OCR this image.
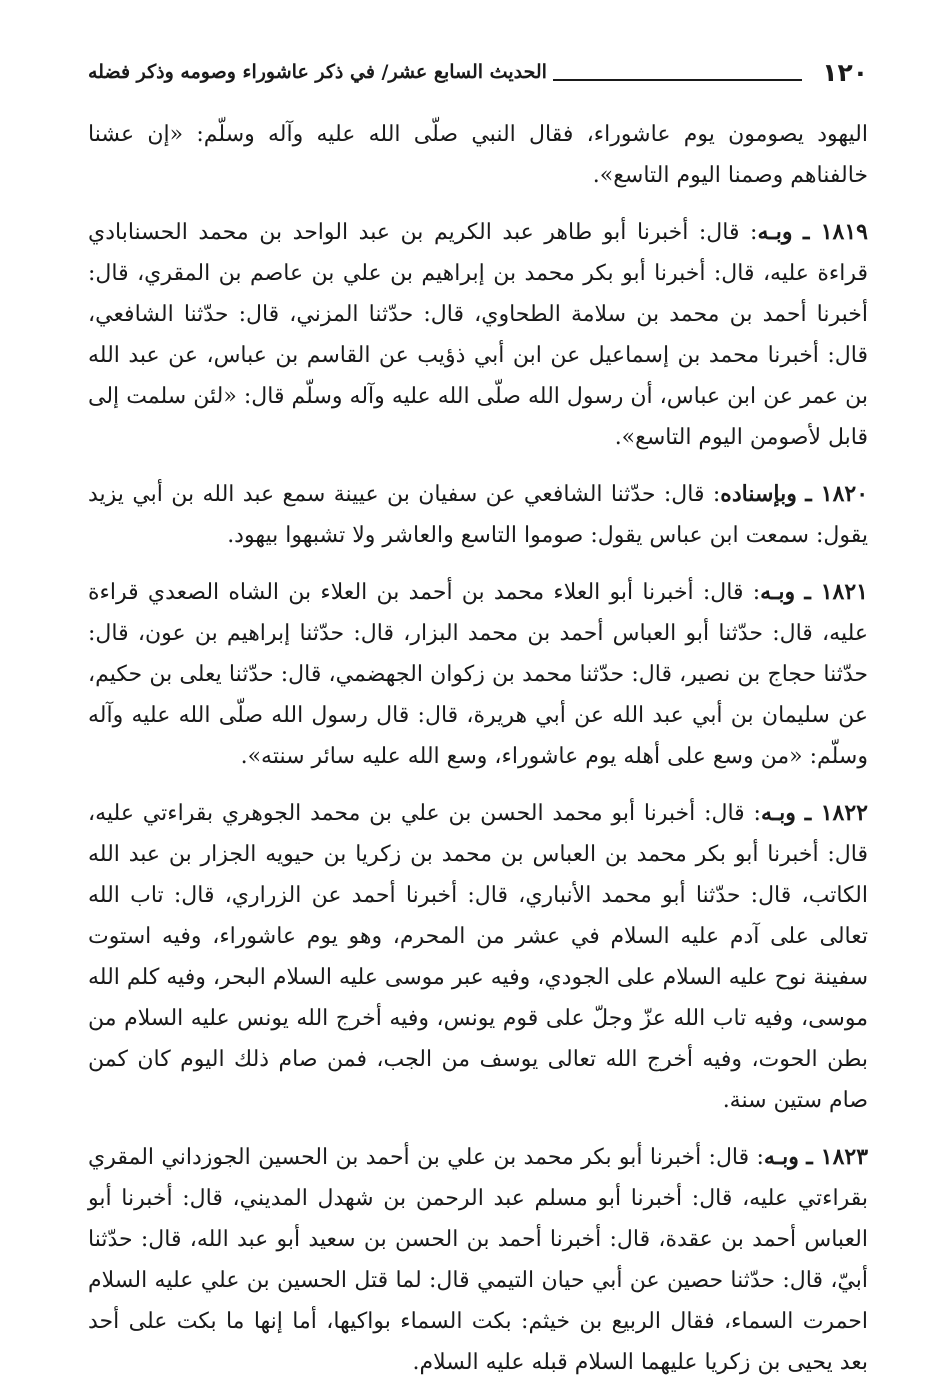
١٢٠
الحديث السابع عشر/ في ذكر عاشوراء وصومه وذكر فضله

اليهود يصومون يوم عاشوراء، فقال النبي صلّى الله عليه وآله وسلّم: «إن عشنا خالفناهم وصمنا اليوم التاسع».

١٨١٩ ـ وبـه: قال: أخبرنا أبو طاهر عبد الكريم بن عبد الواحد بن محمد الحسنابادي قراءة عليه، قال: أخبرنا أبو بكر محمد بن إبراهيم بن علي بن عاصم بن المقري، قال: أخبرنا أحمد بن محمد بن سلامة الطحاوي، قال: حدّثنا المزني، قال: حدّثنا الشافعي، قال: أخبرنا محمد بن إسماعيل عن ابن أبي ذؤيب عن القاسم بن عباس، عن عبد الله بن عمر عن ابن عباس، أن رسول الله صلّى الله عليه وآله وسلّم قال: «لئن سلمت إلى قابل لأصومن اليوم التاسع».

١٨٢٠ ـ وبإسناده: قال: حدّثنا الشافعي عن سفيان بن عيينة سمع عبد الله بن أبي يزيد يقول: سمعت ابن عباس يقول: صوموا التاسع والعاشر ولا تشبهوا بيهود.

١٨٢١ ـ وبـه: قال: أخبرنا أبو العلاء محمد بن أحمد بن العلاء بن الشاه الصعدي قراءة عليه، قال: حدّثنا أبو العباس أحمد بن محمد البزار، قال: حدّثنا إبراهيم بن عون، قال: حدّثنا حجاج بن نصير، قال: حدّثنا محمد بن زكوان الجهضمي، قال: حدّثنا يعلى بن حكيم، عن سليمان بن أبي عبد الله عن أبي هريرة، قال: قال رسول الله صلّى الله عليه وآله وسلّم: «من وسع على أهله يوم عاشوراء، وسع الله عليه سائر سنته».

١٨٢٢ ـ وبـه: قال: أخبرنا أبو محمد الحسن بن علي بن محمد الجوهري بقراءتي عليه، قال: أخبرنا أبو بكر محمد بن العباس بن محمد بن زكريا بن حيويه الجزار بن عبد الله الكاتب، قال: حدّثنا أبو محمد الأنباري، قال: أخبرنا أحمد عن الزراري، قال: تاب الله تعالى على آدم عليه السلام في عشر من المحرم، وهو يوم عاشوراء، وفيه استوت سفينة نوح عليه السلام على الجودي، وفيه عبر موسى عليه السلام البحر، وفيه كلم الله موسى، وفيه تاب الله عزّ وجلّ على قوم يونس، وفيه أخرج الله يونس عليه السلام من بطن الحوت، وفيه أخرج الله تعالى يوسف من الجب، فمن صام ذلك اليوم كان كمن صام ستين سنة.

١٨٢٣ ـ وبـه: قال: أخبرنا أبو بكر محمد بن علي بن أحمد بن الحسين الجوزداني المقري بقراءتي عليه، قال: أخبرنا أبو مسلم عبد الرحمن بن شهدل المديني، قال: أخبرنا أبو العباس أحمد بن عقدة، قال: أخبرنا أحمد بن الحسن بن سعيد أبو عبد الله، قال: حدّثنا أبيّ، قال: حدّثنا حصين عن أبي حيان التيمي قال: لما قتل الحسين بن علي عليه السلام احمرت السماء، فقال الربيع بن خيثم: بكت السماء بواكيها، أما إنها ما بكت على أحد بعد يحيى بن زكريا عليهما السلام قبله عليه السلام.
